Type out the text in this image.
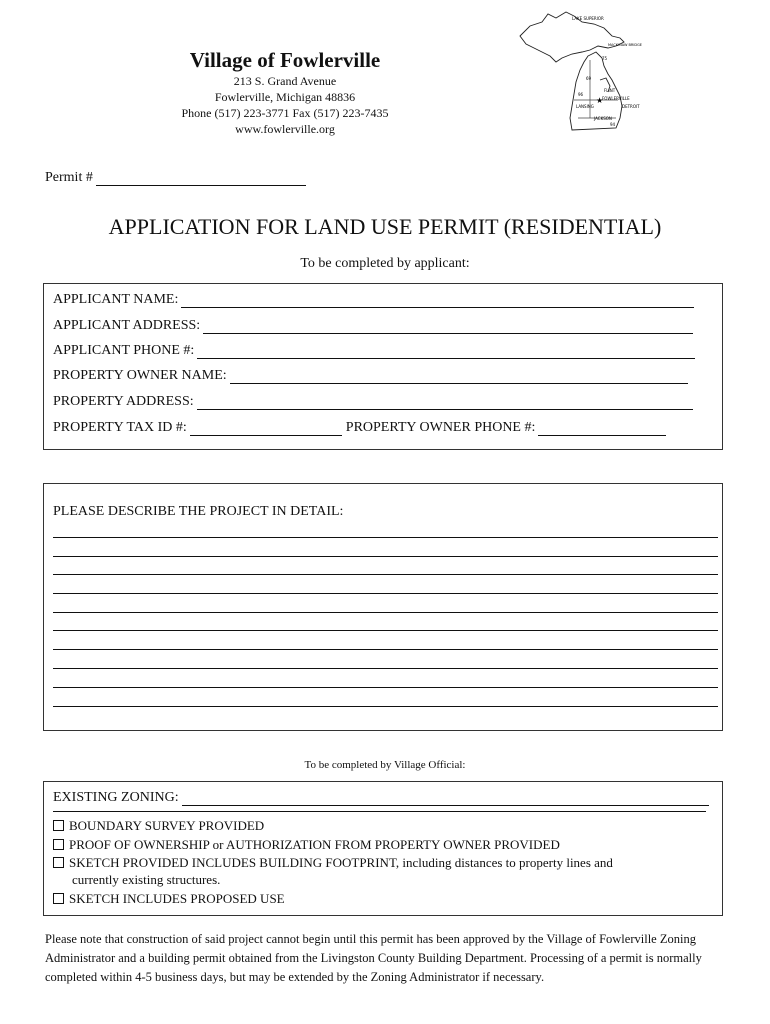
Village of Fowlerville
213 S. Grand Avenue
Fowlerville, Michigan 48836
Phone (517) 223-3771 Fax (517) 223-7435
www.fowlerville.org
LAKE SUPERIOR
MACKINAW BRIDGE
FLINT
FOWLERVILLE
DETROIT
LANSING
JACKSON
75
69
96
94
★
Permit #
APPLICATION FOR LAND USE PERMIT (RESIDENTIAL)
To be completed by applicant:
APPLICANT NAME:
APPLICANT ADDRESS:
APPLICANT PHONE #:
PROPERTY OWNER NAME:
PROPERTY ADDRESS:
PROPERTY TAX ID #:	PROPERTY OWNER PHONE #:
PLEASE DESCRIBE THE PROJECT IN DETAIL:
To be completed by Village Official:
EXISTING ZONING:
BOUNDARY SURVEY PROVIDED
PROOF OF OWNERSHIP or AUTHORIZATION FROM PROPERTY OWNER PROVIDED
SKETCH PROVIDED INCLUDES BUILDING FOOTPRINT, including distances to property lines and
currently existing structures.
SKETCH INCLUDES PROPOSED USE
Please note that construction of said project cannot begin until this permit has been approved by the Village of Fowlerville Zoning Administrator and a building permit obtained from the Livingston County Building Department. Processing of a permit is normally completed within 4-5 business days, but may be extended by the Zoning Administrator if necessary.
